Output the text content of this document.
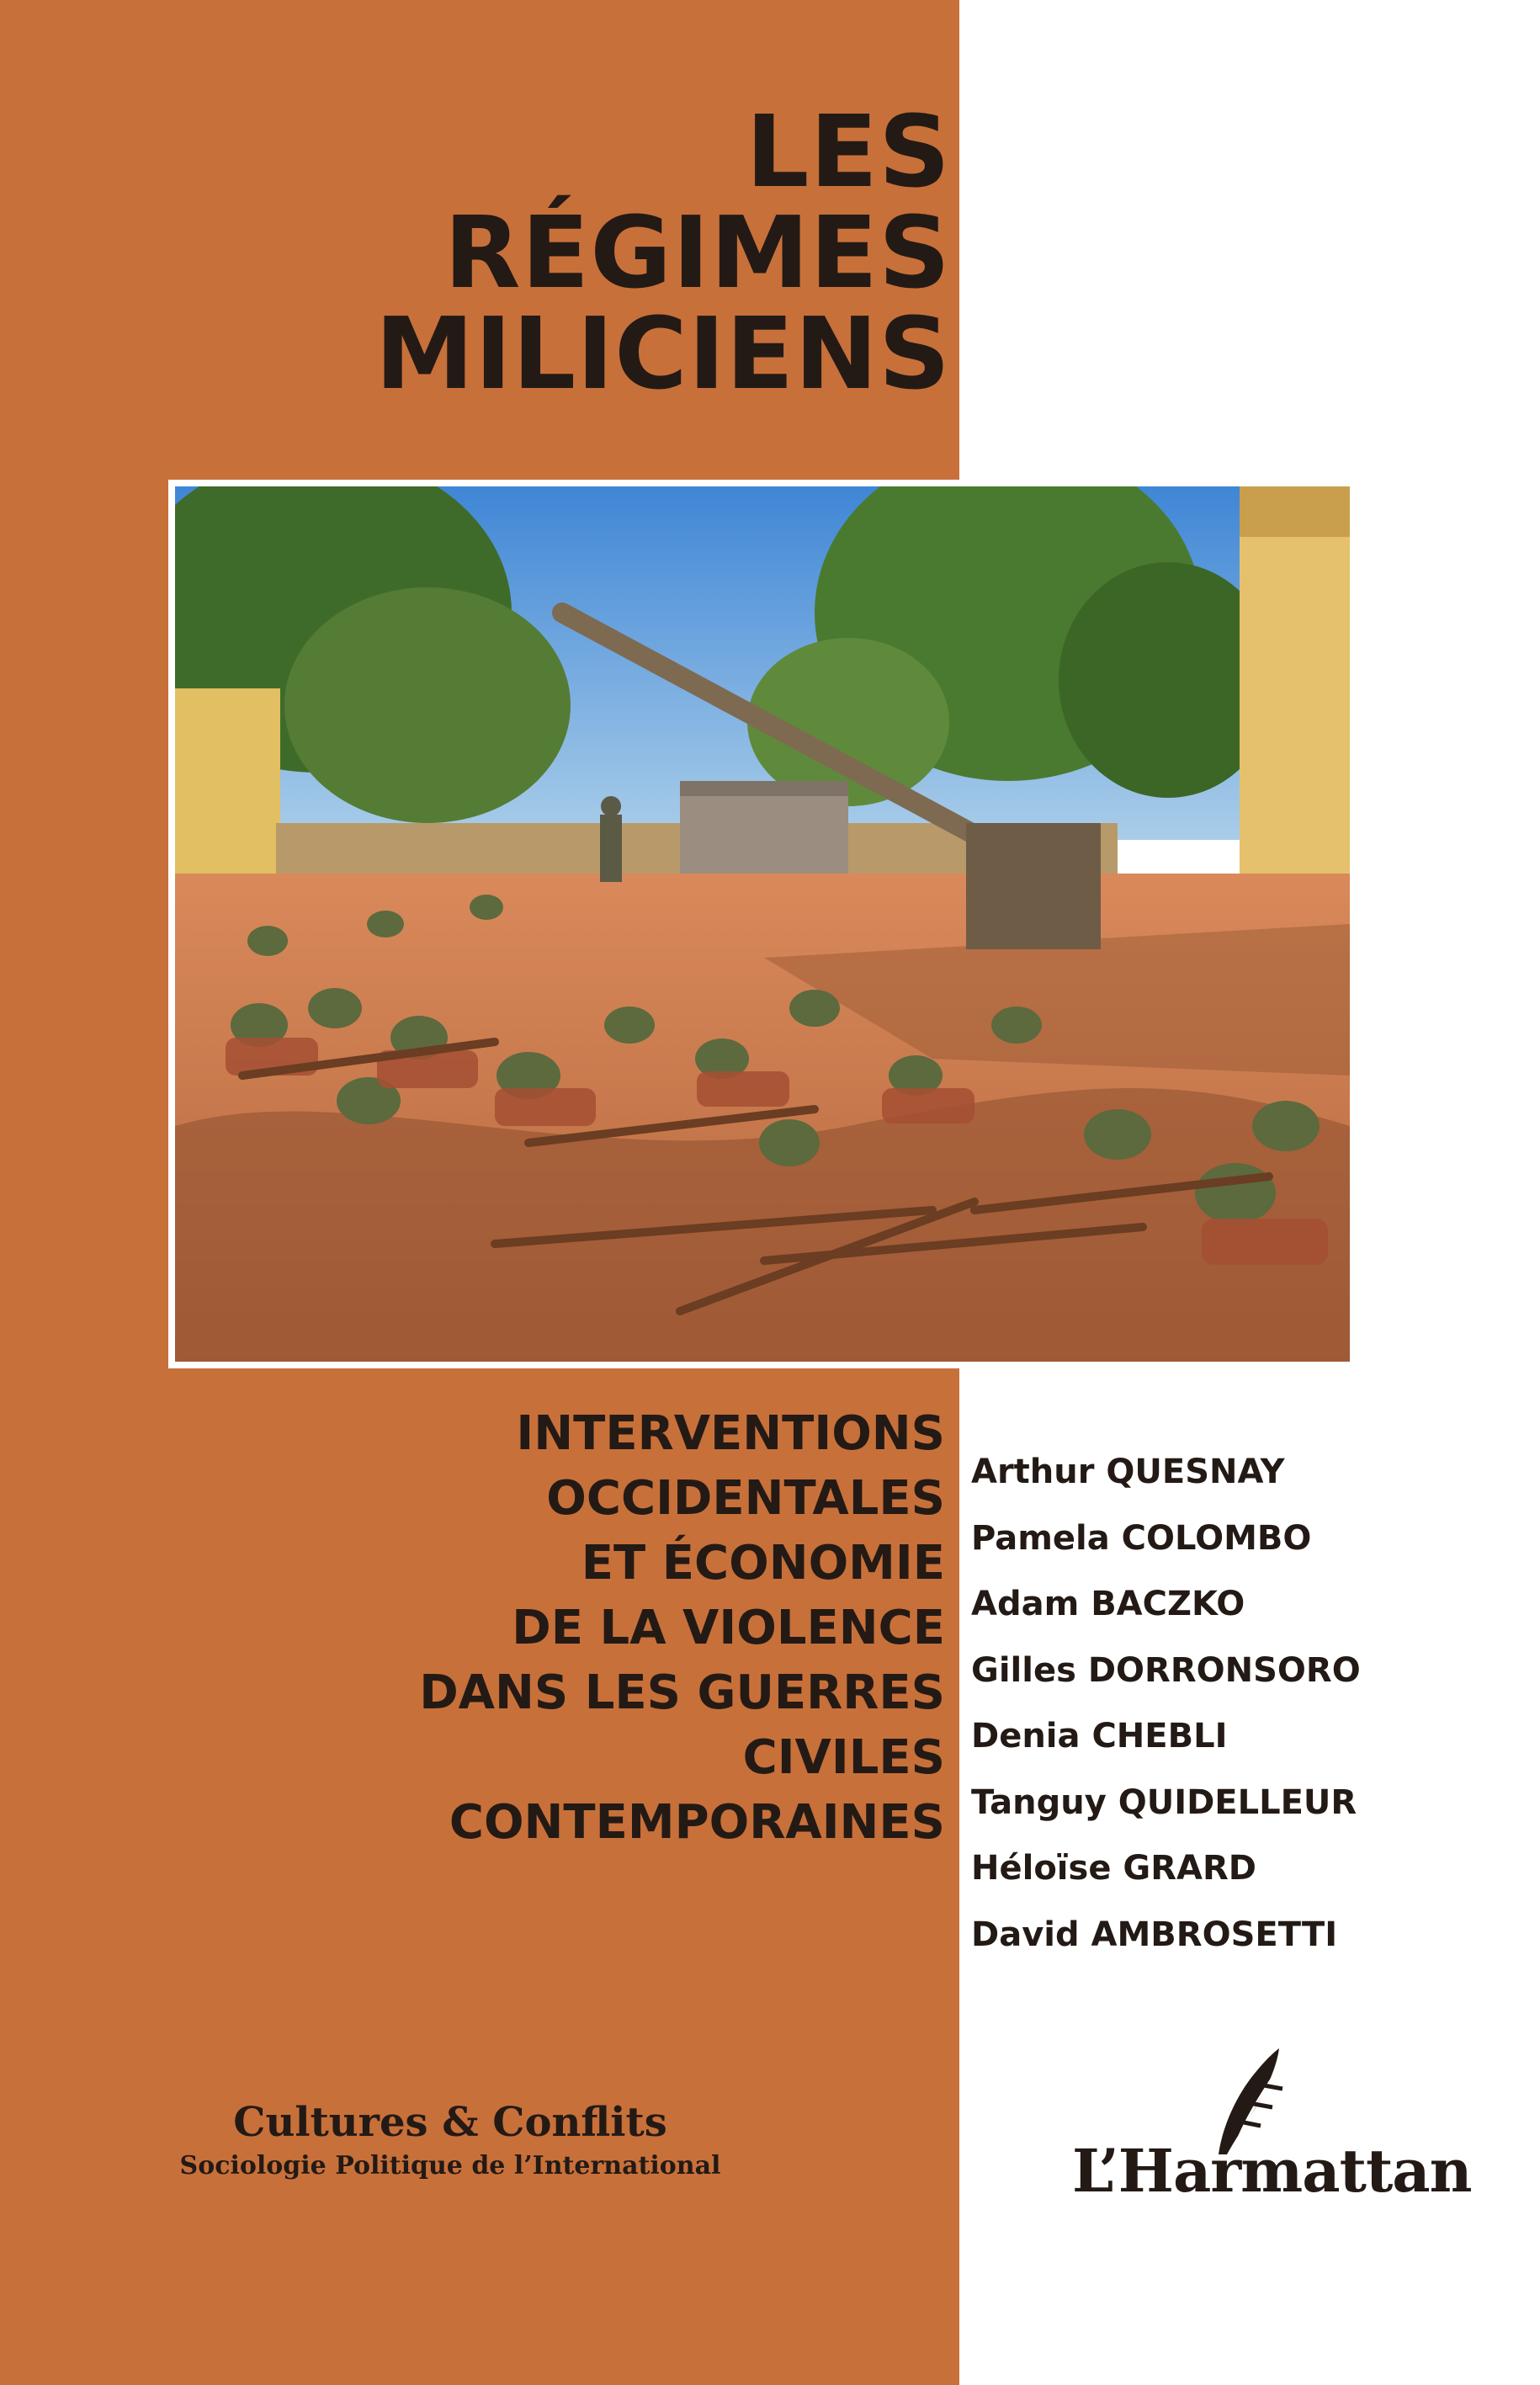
LES
RÉGIMES
MILICIENS
INTERVENTIONS
OCCIDENTALES
ET ÉCONOMIE
DE LA VIOLENCE
DANS LES GUERRES
CIVILES
CONTEMPORAINES
Arthur QUESNAY
Pamela COLOMBO
Adam BACZKO
Gilles DORRONSORO
Denia CHEBLI
Tanguy QUIDELLEUR
Héloïse GRARD
David AMBROSETTI
Cultures & Conflits
Sociologie Politique de l’International	L’Harmattan
